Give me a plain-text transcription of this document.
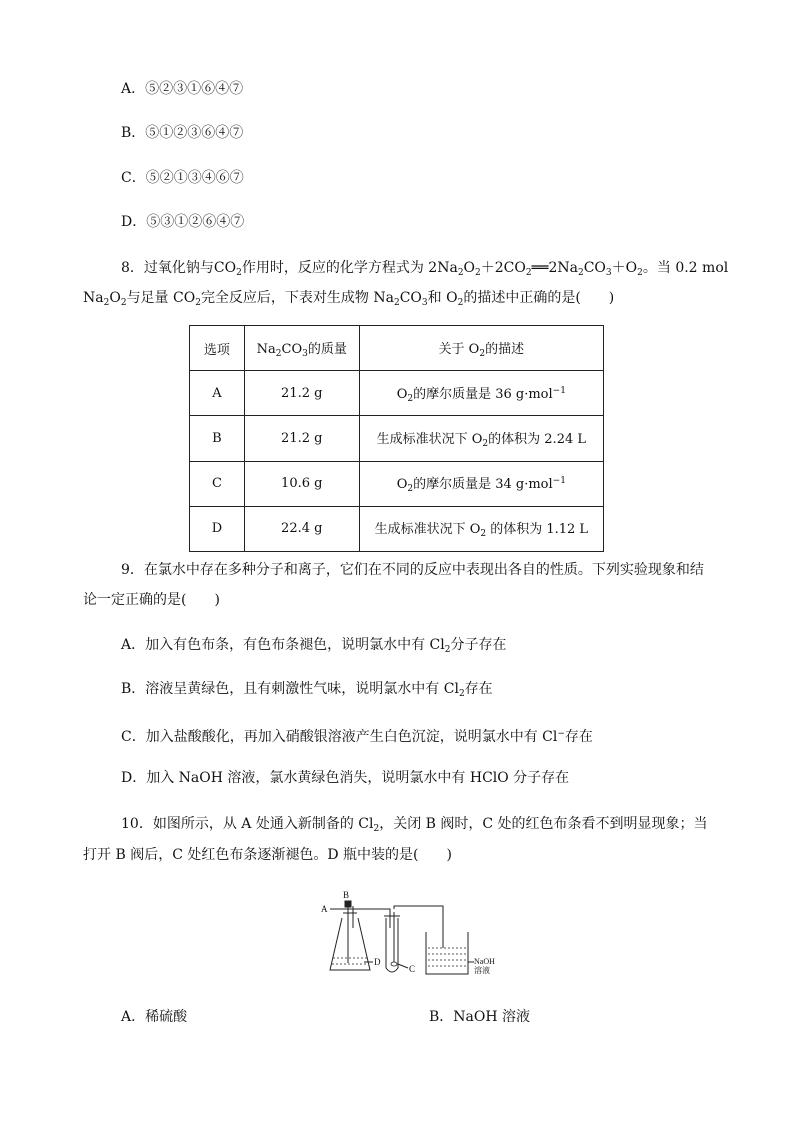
A．⑤②③①⑥④⑦
B．⑤①②③⑥④⑦
C．⑤②①③④⑥⑦
D．⑤③①②⑥④⑦
8．过氧化钠与$CO_2$作用时，反应的化学方程式为 $2Na_2O_2+2CO_2══2Na_2CO_3+O_2$。当 0.2 mol
$Na_2O_2$与足量 $CO_2$完全反应后，下表对生成物 $Na_2CO_3$和 $O_2$的描述中正确的是(　　)
选项	$Na_2CO_3$的质量	关于 $O_2$的描述
A	21.2 g	$O_2$的摩尔质量是 36 g·mol$^{-1}$
B	21.2 g	生成标准状况下 $O_2$的体积为 2.24 L
C	10.6 g	$O_2$的摩尔质量是 34 g·mol$^{-1}$
D	22.4 g	生成标准状况下 $O_2$ 的体积为 1.12 L
9．在氯水中存在多种分子和离子，它们在不同的反应中表现出各自的性质。下列实验现象和结
论一定正确的是(　　)
A．加入有色布条，有色布条褪色，说明氯水中有 $Cl_2$分子存在
B．溶液呈黄绿色，且有刺激性气味，说明氯水中有 $Cl_2$存在
C．加入盐酸酸化，再加入硝酸银溶液产生白色沉淀，说明氯水中有 Cl−存在
D．加入 NaOH 溶液，氯水黄绿色消失，说明氯水中有 HClO 分子存在
10．如图所示，从 A 处通入新制备的 $Cl_2$，关闭 B 阀时，C 处的红色布条看不到明显现象；当
打开 B 阀后，C 处红色布条逐渐褪色。D 瓶中装的是(　　)
A
B
D
C
NaOH
溶液
A．稀硫酸	B．NaOH 溶液
